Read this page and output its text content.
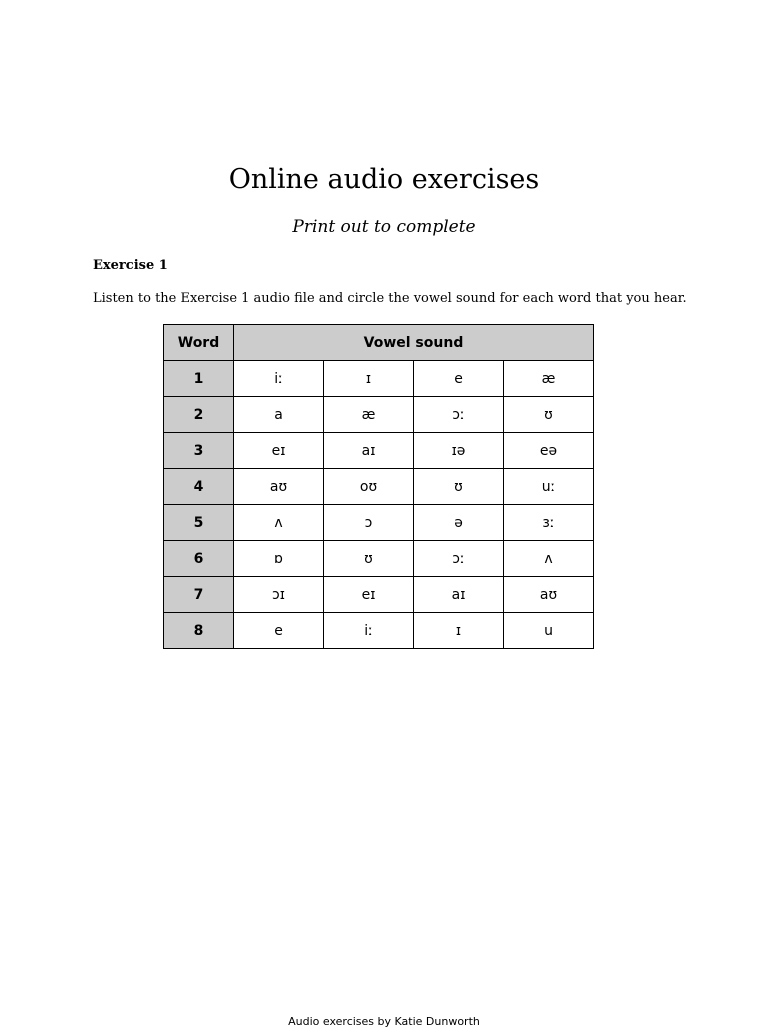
Online audio exercises
Print out to complete
Exercise 1
Listen to the Exercise 1 audio file and circle the vowel sound for each word that you hear.
Word	Vowel sound			
1	iː	ɪ	e	æ
2	a	æ	ɔː	ʊ
3	eɪ	aɪ	ɪə	eə
4	aʊ	oʊ	ʊ	uː
5	ʌ	ɔ	ə	ɜː
6	ɒ	ʊ	ɔː	ʌ
7	ɔɪ	eɪ	aɪ	aʊ
8	e	iː	ɪ	u
Audio exercises by Katie Dunworth
